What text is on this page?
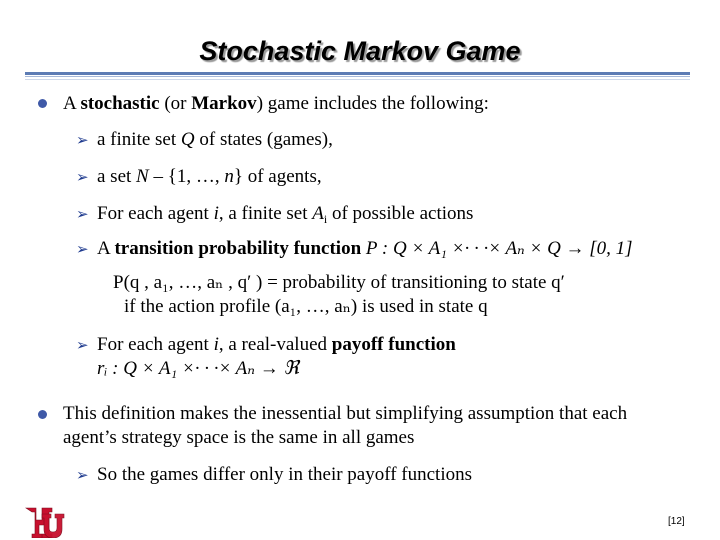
Stochastic Markov Game
A stochastic (or Markov) game includes the following:
➢ a finite set Q of states (games),
➢ a set N – {1, …, n} of agents,
➢ For each agent i, a finite set $A_i$ of possible actions
➢ A transition probability function P : Q × A₁ ×· · ·× Aₙ × Q → [0, 1]
P(q , a₁, …, aₙ , q′ ) = probability of transitioning to state q′
if the action profile (a₁, …, aₙ) is used in state q
➢ For each agent i, a real-valued payoff function
rᵢ : Q × A₁ ×· · ·× Aₙ → ℜ
This definition makes the inessential but simplifying assumption that each
agent’s strategy space is the same in all games
➢ So the games differ only in their payoff functions
[12]
